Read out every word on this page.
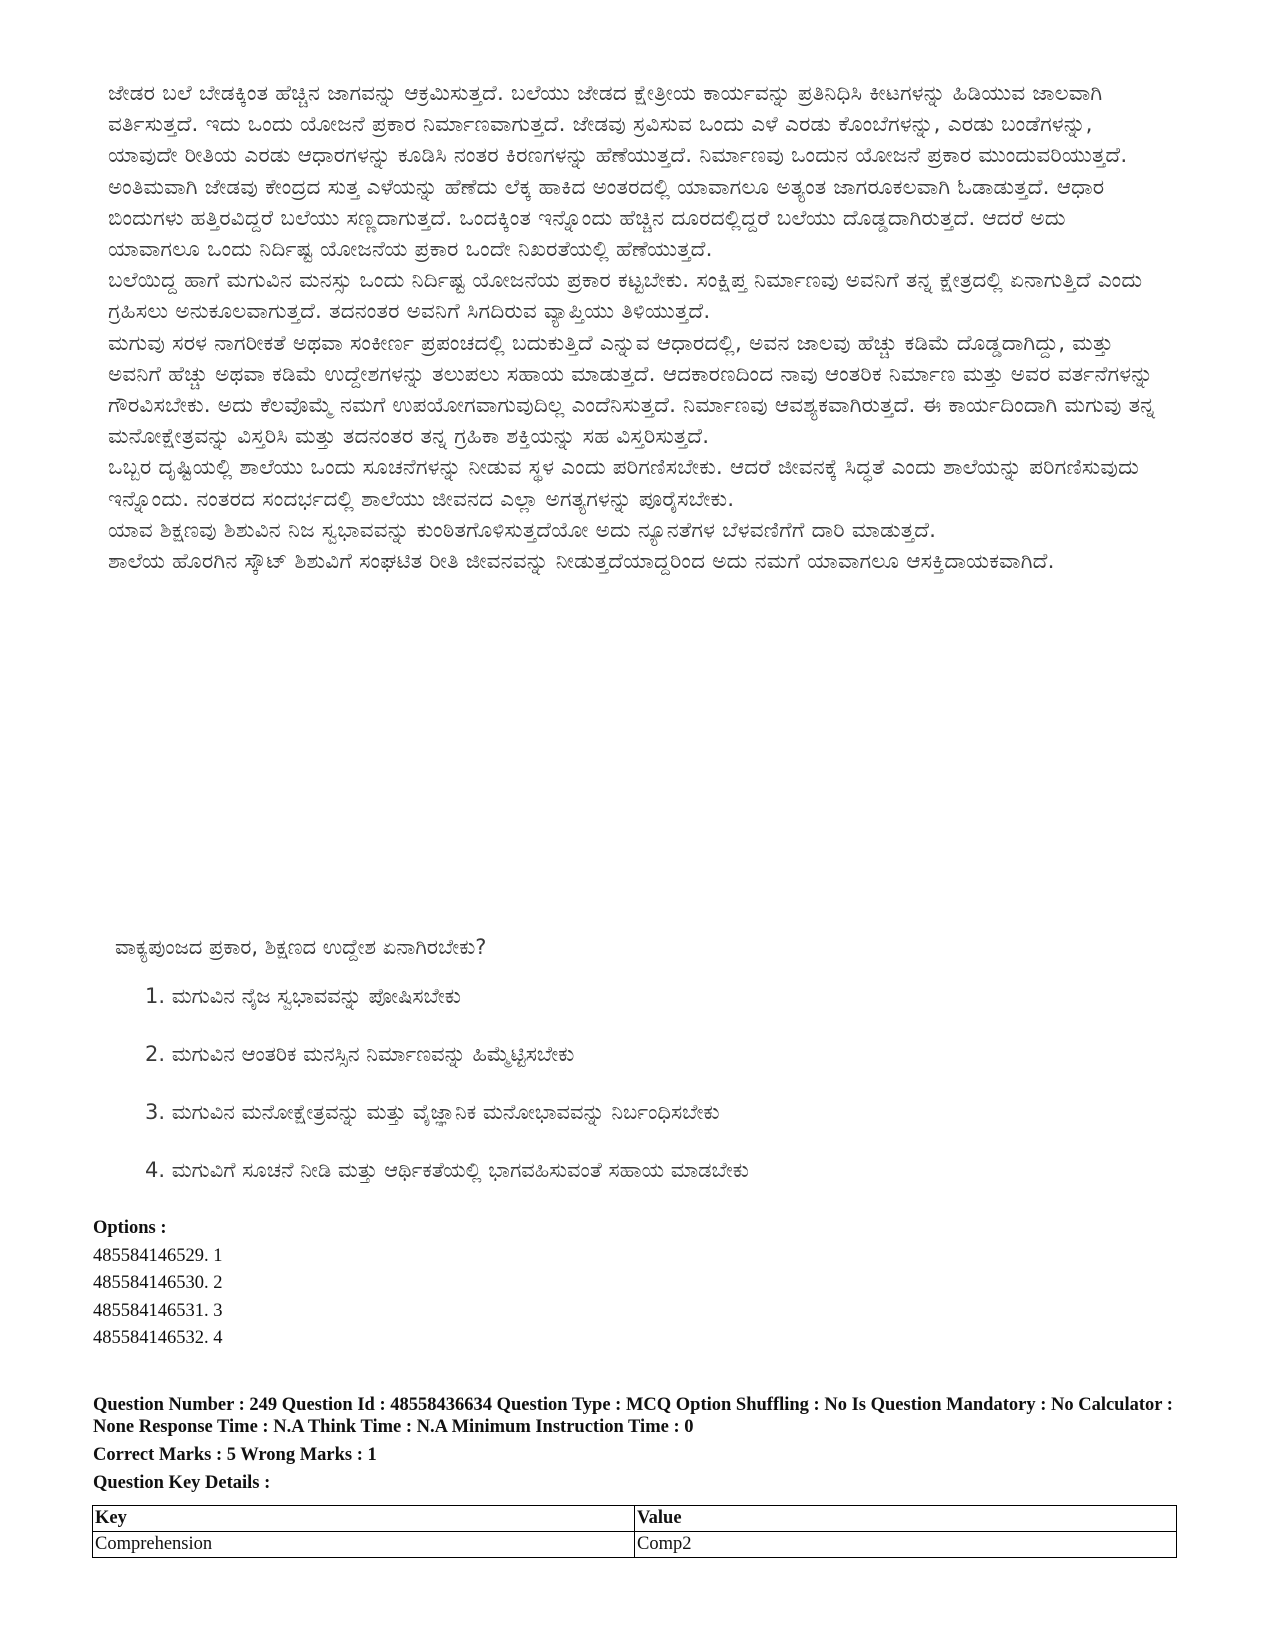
ಜೇಡರ ಬಲೆ ಬೇಡಕ್ಕಿಂತ ಹೆಚ್ಚಿನ ಜಾಗವನ್ನು ಆಕ್ರಮಿಸುತ್ತದೆ. ಬಲೆಯು ಜೇಡದ ಕ್ಷೇತ್ರೀಯ ಕಾರ್ಯವನ್ನು ಪ್ರತಿನಿಧಿಸಿ ಕೀಟಗಳನ್ನು ಹಿಡಿಯುವ ಜಾಲವಾಗಿ ವರ್ತಿಸುತ್ತದೆ. ಇದು ಒಂದು ಯೋಜನೆ ಪ್ರಕಾರ ನಿರ್ಮಾಣವಾಗುತ್ತದೆ. ಜೇಡವು ಸ್ರವಿಸುವ ಒಂದು ಎಳೆ ಎರಡು ಕೊಂಬೆಗಳನ್ನು, ಎರಡು ಬಂಡೆಗಳನ್ನು, ಯಾವುದೇ ರೀತಿಯ ಎರಡು ಆಧಾರಗಳನ್ನು ಕೂಡಿಸಿ ನಂತರ ಕಿರಣಗಳನ್ನು ಹೆಣೆಯುತ್ತದೆ. ನಿರ್ಮಾಣವು ಒಂದುನ ಯೋಜನೆ ಪ್ರಕಾರ ಮುಂದುವರಿಯುತ್ತದೆ. ಅಂತಿಮವಾಗಿ ಜೇಡವು ಕೇಂದ್ರದ ಸುತ್ತ ಎಳೆಯನ್ನು ಹೆಣೆದು ಲೆಕ್ಕ ಹಾಕಿದ ಅಂತರದಲ್ಲಿ ಯಾವಾಗಲೂ ಅತ್ಯಂತ ಜಾಗರೂಕಲವಾಗಿ ಓಡಾಡುತ್ತದೆ. ಆಧಾರ ಬಿಂದುಗಳು ಹತ್ತಿರವಿದ್ದರೆ ಬಲೆಯು ಸಣ್ಣದಾಗುತ್ತದೆ. ಒಂದಕ್ಕಿಂತ ಇನ್ನೊಂದು ಹೆಚ್ಚಿನ ದೂರದಲ್ಲಿದ್ದರೆ ಬಲೆಯು ದೊಡ್ಡದಾಗಿರುತ್ತದೆ. ಆದರೆ ಅದು ಯಾವಾಗಲೂ ಒಂದು ನಿರ್ದಿಷ್ಟ ಯೋಜನೆಯ ಪ್ರಕಾರ ಒಂದೇ ನಿಖರತೆಯಲ್ಲಿ ಹೆಣೆಯುತ್ತದೆ.

ಬಲೆಯಿದ್ದ ಹಾಗೆ ಮಗುವಿನ ಮನಸ್ಸು ಒಂದು ನಿರ್ದಿಷ್ಟ ಯೋಜನೆಯ ಪ್ರಕಾರ ಕಟ್ಟಬೇಕು. ಸಂಕ್ಷಿಪ್ತ ನಿರ್ಮಾಣವು ಅವನಿಗೆ ತನ್ನ ಕ್ಷೇತ್ರದಲ್ಲಿ ಏನಾಗುತ್ತಿದೆ ಎಂದು ಗ್ರಹಿಸಲು ಅನುಕೂಲವಾಗುತ್ತದೆ. ತದನಂತರ ಅವನಿಗೆ ಸಿಗದಿರುವ ವ್ಯಾಪ್ತಿಯು ತಿಳಿಯುತ್ತದೆ.

ಮಗುವು ಸರಳ ನಾಗರೀಕತೆ ಅಥವಾ ಸಂಕೀರ್ಣ ಪ್ರಪಂಚದಲ್ಲಿ ಬದುಕುತ್ತಿದೆ ಎನ್ನುವ ಆಧಾರದಲ್ಲಿ, ಅವನ ಜಾಲವು ಹೆಚ್ಚು ಕಡಿಮೆ ದೊಡ್ಡದಾಗಿದ್ದು, ಮತ್ತು ಅವನಿಗೆ ಹೆಚ್ಚು ಅಥವಾ ಕಡಿಮೆ ಉದ್ದೇಶಗಳನ್ನು ತಲುಪಲು ಸಹಾಯ ಮಾಡುತ್ತದೆ. ಆದಕಾರಣದಿಂದ ನಾವು ಆಂತರಿಕ ನಿರ್ಮಾಣ ಮತ್ತು ಅವರ ವರ್ತನೆಗಳನ್ನು ಗೌರವಿಸಬೇಕು. ಅದು ಕೆಲವೊಮ್ಮೆ ನಮಗೆ ಉಪಯೋಗವಾಗುವುದಿಲ್ಲ ಎಂದೆನಿಸುತ್ತದೆ. ನಿರ್ಮಾಣವು ಆವಶ್ಯಕವಾಗಿರುತ್ತದೆ. ಈ ಕಾರ್ಯದಿಂದಾಗಿ ಮಗುವು ತನ್ನ ಮನೋಕ್ಷೇತ್ರವನ್ನು ವಿಸ್ತರಿಸಿ ಮತ್ತು ತದನಂತರ ತನ್ನ ಗ್ರಹಿಕಾ ಶಕ್ತಿಯನ್ನು ಸಹ ವಿಸ್ತರಿಸುತ್ತದೆ.

ಒಬ್ಬರ ದೃಷ್ಟಿಯಲ್ಲಿ ಶಾಲೆಯು ಒಂದು ಸೂಚನೆಗಳನ್ನು ನೀಡುವ ಸ್ಥಳ ಎಂದು ಪರಿಗಣಿಸಬೇಕು. ಆದರೆ ಜೀವನಕ್ಕೆ ಸಿದ್ಧತೆ ಎಂದು ಶಾಲೆಯನ್ನು ಪರಿಗಣಿಸುವುದು ಇನ್ನೊಂದು. ನಂತರದ ಸಂದರ್ಭದಲ್ಲಿ ಶಾಲೆಯು ಜೀವನದ ಎಲ್ಲಾ ಅಗತ್ಯಗಳನ್ನು ಪೂರೈಸಬೇಕು.

ಯಾವ ಶಿಕ್ಷಣವು ಶಿಶುವಿನ ನಿಜ ಸ್ವಭಾವವನ್ನು ಕುಂಠಿತಗೊಳಿಸುತ್ತದೆಯೋ ಅದು ನ್ಯೂನತೆಗಳ ಬೆಳವಣಿಗೆಗೆ ದಾರಿ ಮಾಡುತ್ತದೆ.

ಶಾಲೆಯ ಹೊರಗಿನ ಸ್ಕೌಟ್ ಶಿಶುವಿಗೆ ಸಂಘಟಿತ ರೀತಿ ಜೀವನವನ್ನು ನೀಡುತ್ತದೆಯಾದ್ದರಿಂದ ಅದು ನಮಗೆ ಯಾವಾಗಲೂ ಆಸಕ್ತಿದಾಯಕವಾಗಿದೆ.

ವಾಕ್ಯಪುಂಜದ ಪ್ರಕಾರ, ಶಿಕ್ಷಣದ ಉದ್ದೇಶ ಏನಾಗಿರಬೇಕು?

1. ಮಗುವಿನ ನೈಜ ಸ್ವಭಾವವನ್ನು ಪೋಷಿಸಬೇಕು

2. ಮಗುವಿನ ಆಂತರಿಕ ಮನಸ್ಸಿನ ನಿರ್ಮಾಣವನ್ನು ಹಿಮ್ಮೆಟ್ಟಿಸಬೇಕು

3. ಮಗುವಿನ ಮನೋಕ್ಷೇತ್ರವನ್ನು ಮತ್ತು ವೈಜ್ಞಾನಿಕ ಮನೋಭಾವವನ್ನು ನಿರ್ಬಂಧಿಸಬೇಕು

4. ಮಗುವಿಗೆ ಸೂಚನೆ ನೀಡಿ ಮತ್ತು ಆರ್ಥಿಕತೆಯಲ್ಲಿ ಭಾಗವಹಿಸುವಂತೆ ಸಹಾಯ ಮಾಡಬೇಕು

Options :
485584146529. 1
485584146530. 2
485584146531. 3
485584146532. 4
Question Number : 249 Question Id : 48558436634 Question Type : MCQ Option Shuffling : No Is Question Mandatory : No Calculator : None Response Time : N.A Think Time : N.A Minimum Instruction Time : 0
Correct Marks : 5 Wrong Marks : 1
Question Key Details :
Key	Value
Comprehension	Comp2
